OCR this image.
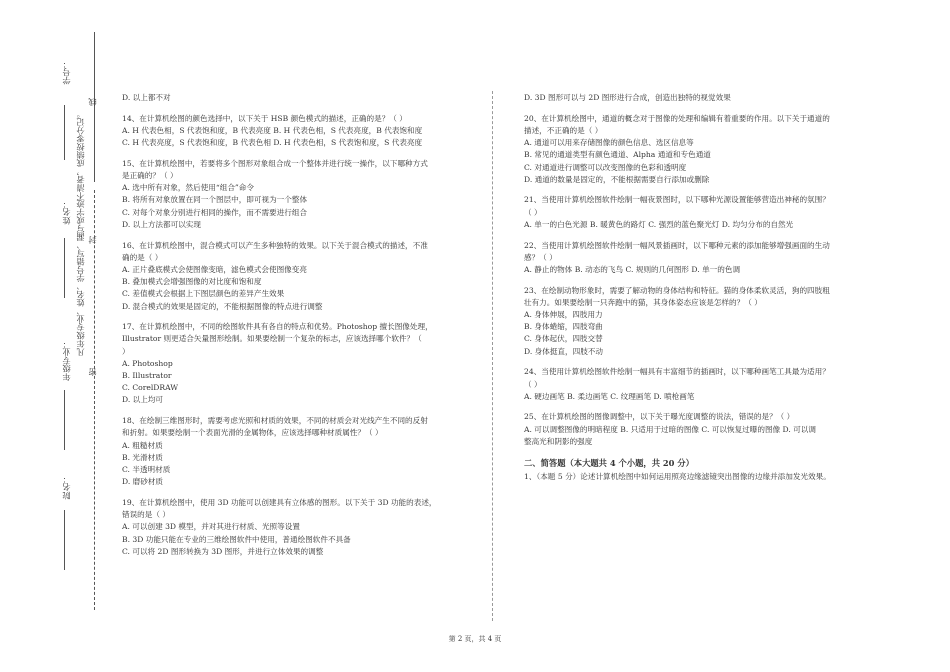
学号：
线
姓名：
封
凡年级专业、姓名、学号错写、漏写或字迹不清者，成绩按零分记。
年级专业： 密
院名：
D. 以上都不对
14、在计算机绘图的颜色选择中，以下关于 HSB 颜色模式的描述，正确的是？（ ）
A. H 代表色相，S 代表饱和度，B 代表亮度 B. H 代表色相，S 代表亮度，B 代表饱和度
C. H 代表亮度，S 代表饱和度，B 代表色相 D. H 代表色相，S 代表饱和度，S 代表亮度
15、在计算机绘图中，若要将多个图形对象组合成一个整体并进行统一操作，以下哪种方式
是正确的？（ ）
A. 选中所有对象，然后使用“组合”命令
B. 将所有对象放置在同一个图层中，即可视为一个整体
C. 对每个对象分别进行相同的操作，而不需要进行组合
D. 以上方法都可以实现
16、在计算机绘图中，混合模式可以产生多种独特的效果。以下关于混合模式的描述，不准
确的是（ ）
A. 正片叠底模式会使图像变暗，滤色模式会使图像变亮
B. 叠加模式会增强图像的对比度和饱和度
C. 差值模式会根据上下图层颜色的差异产生效果
D. 混合模式的效果是固定的，不能根据图像的特点进行调整
17、在计算机绘图中，不同的绘图软件具有各自的特点和优势。Photoshop 擅长图像处理，
Illustrator 则更适合矢量图形绘制。如果要绘制一个复杂的标志，应该选择哪个软件？（
）
A. Photoshop
B. Illustrator
C. CorelDRAW
D. 以上均可
18、在绘制三维图形时，需要考虑光照和材质的效果，不同的材质会对光线产生不同的反射
和折射。如果要绘制一个表面光滑的金属物体，应该选择哪种材质属性？（ ）
A. 粗糙材质
B. 光滑材质
C. 半透明材质
D. 磨砂材质
19、在计算机绘图中，使用 3D 功能可以创建具有立体感的图形。以下关于 3D 功能的表述，
错误的是（ ）
A. 可以创建 3D 模型，并对其进行材质、光照等设置
B. 3D 功能只能在专业的三维绘图软件中使用，普通绘图软件不具备
C. 可以将 2D 图形转换为 3D 图形，并进行立体效果的调整
D. 3D 图形可以与 2D 图形进行合成，创造出独特的视觉效果
20、在计算机绘图中，通道的概念对于图像的处理和编辑有着重要的作用。以下关于通道的
描述，不正确的是（ ）
A. 通道可以用来存储图像的颜色信息、选区信息等
B. 常见的通道类型有颜色通道、Alpha 通道和专色通道
C. 对通道进行调整可以改变图像的色彩和透明度
D. 通道的数量是固定的，不能根据需要自行添加或删除
21、当使用计算机绘图软件绘制一幅夜景图时，以下哪种光源设置能够营造出神秘的氛围？
（ ）
A. 单一的白色光源 B. 暖黄色的路灯 C. 强烈的蓝色聚光灯 D. 均匀分布的自然光
22、当使用计算机绘图软件绘制一幅风景插画时，以下哪种元素的添加能够增强画面的生动
感？（ ）
A. 静止的物体 B. 动态的飞鸟 C. 规则的几何图形 D. 单一的色调
23、在绘制动物形象时，需要了解动物的身体结构和特征。猫的身体柔软灵活，狗的四肢粗
壮有力。如果要绘制一只奔跑中的猫，其身体姿态应该是怎样的？（ ）
A. 身体伸展，四肢用力
B. 身体蜷缩，四肢弯曲
C. 身体起伏，四肢交替
D. 身体挺直，四肢不动
24、当使用计算机绘图软件绘制一幅具有丰富细节的插画时，以下哪种画笔工具最为适用？
（ ）
A. 硬边画笔 B. 柔边画笔 C. 纹理画笔 D. 喷枪画笔
25、在计算机绘图的图像调整中，以下关于曝光度调整的说法，错误的是？（ ）
A. 可以调整图像的明暗程度 B. 只适用于过暗的图像 C. 可以恢复过曝的图像 D. 可以调
整高光和阴影的强度
二、简答题（本大题共 4 个小题，共 20 分）
1、（本题 5 分）论述计算机绘图中如何运用照亮边缘滤镜突出图像的边缘并添加发光效果。
第 2 页，共 4 页
